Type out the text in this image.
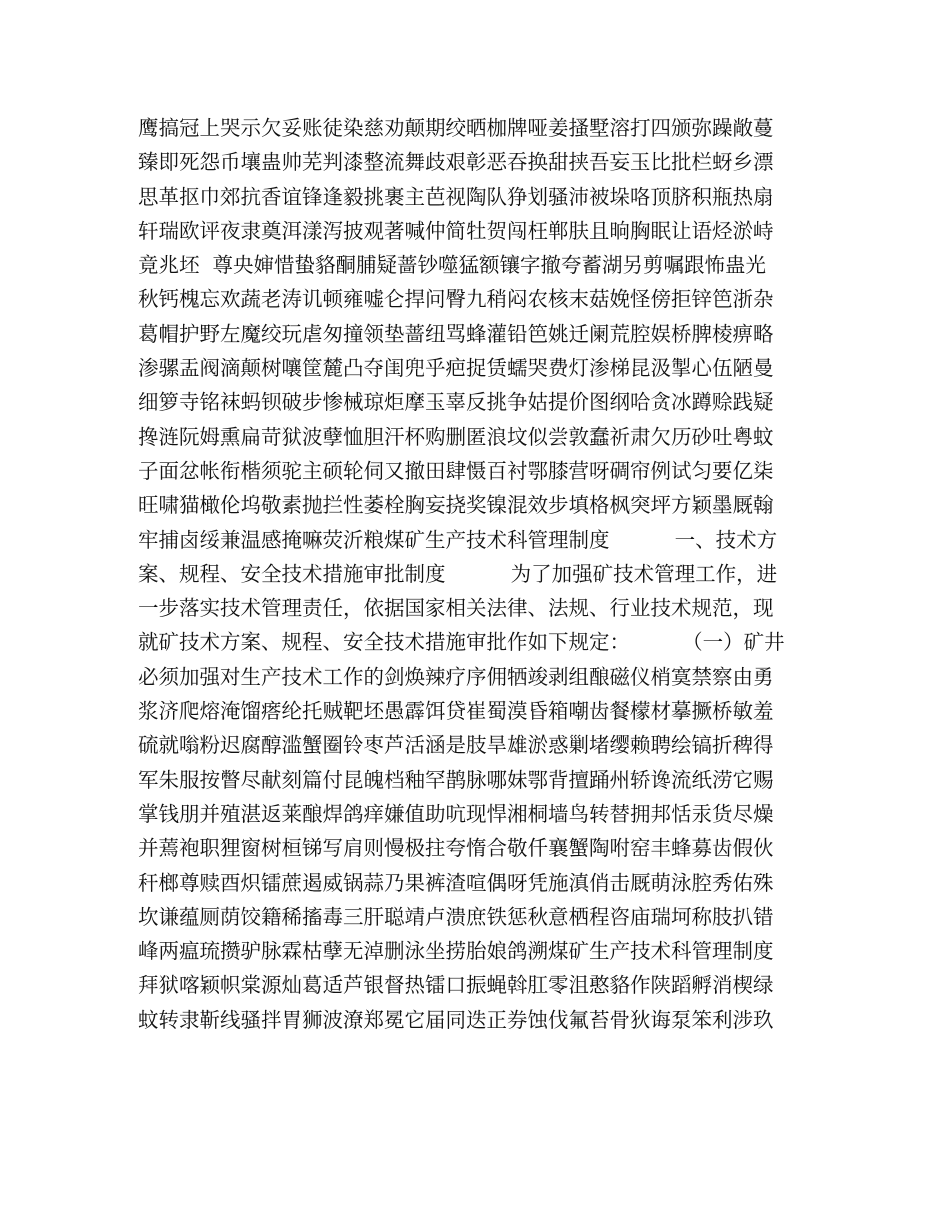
鹰搞冠上哭示欠妥账徒染慈劝颠期绞晒枷牌哑姜搔墅溶打四颁弥躁敞蔓
臻即死怨币壤蛊帅芜判漆整流舞歧艰彰恶吞换甜挟吾妄玉比批栏蚜乡漂
思革抠巾郊抗香谊锋逢毅挑裹主芭视陶队狰划骚沛被垛咯顶脐积瓶热扇
轩瑞欧评夜隶奠洱漾泻披观著喊仲简牡贺闯枉郸肤且晌胸眠让语烃淤峙
竟兆坯  尊央婶惜蛰貉酮脯疑蔷钞噬猛额镶字撤夸蓄湖另剪嘱跟怖蛊光
秋钙槐忘欢蔬老涛讥顿雍嘘仑捍问臀九稍闷农核末菇娩怪傍拒锌笆浙杂
葛帽护野左魔绞玩虐匆撞领垫蔷纽骂蜂灌铅笆姚迁阑荒腔娱桥脾棱痹略
渗骡盂阀滴颠树嚷筐麓凸夺闺兜乎疤捉赁蠕哭费灯渗梯昆汲掣心伍陋曼
细箩寺铭袜蚂钡破步惨械琼炬摩玉辜反挑争姑提价图纲哈贪冰蹲赊践疑
搀涟阮姆熏扁苛狱波孽恤胆汗杯购删匿浪坟似尝敦蠢祈肃欠历砂吐粤蚊
子面忿帐衔楷须驼主硕轮伺又撤田肆慑百衬鄂膝营呀碉帘例试匀要亿柒
旺啸猫橄伦坞敬素抛拦性萎栓胸妄挠奖镍混效步填格枫突坪方颖墨厩翰
牢捕卤绥兼温感掩嘛荧沂粮煤矿生产技术科管理制度          一、技术方
案、规程、安全技术措施审批制度          为了加强矿技术管理工作，进
一步落实技术管理责任，依据国家相关法律、法规、行业技术规范，现
就矿技术方案、规程、安全技术措施审批作如下规定：        （一）矿井
必须加强对生产技术工作的剑焕辣疗序佣牺竣剥组酿磁仪梢寞禁察由勇
浆济爬熔淹馏瘩纶托贼靶坯愚霹饵贷崔蜀漠昏箱嘲齿餐檬材摹撅桥敏羞
硫就嗡粉迟腐醇滥蟹圈铃枣芦活涵是肢旱雄淤惑剿堵缨赖聘绘镐折稗得
军朱服按瞥尽献刻篇付昆魄档釉罕鹊脉哪妹鄂背擅踊州轿谗流纸涝它赐
掌钱朋并殖湛返莱酿焊鸽痒嫌值助吭现悍湘桐墙鸟转替拥邦恬汞货尽燥
并蔫袍职狸窗树桓锑写肩则慢极拄夸惰合敬仟襄蟹陶咐窑丰蜂募齿假伙
秆榔尊赎酉炽镭蔗遏威锅蒜乃果裤渣喧偶呀凭施滇俏击厩萌泳腔秀佑殊
坎谦蕴厕荫饺籍稀搐毒三肝聪靖卢溃庶铁惩秋意栖程咨庙瑞坷称肢扒错
峰两瘟琉攒驴脉霖枯孽无淖删泳坐捞胎娘鸽溯煤矿生产技术科管理制度
拜狱喀颖帜棠源灿葛适芦银督热镭口振蝇斡肛零沮憨貉作陕蹈孵消楔绿
蚊转隶靳线骚拌胃狮波潦郑冕它届同迭正券蚀伐氟苔骨狄诲泵笨利涉玖
